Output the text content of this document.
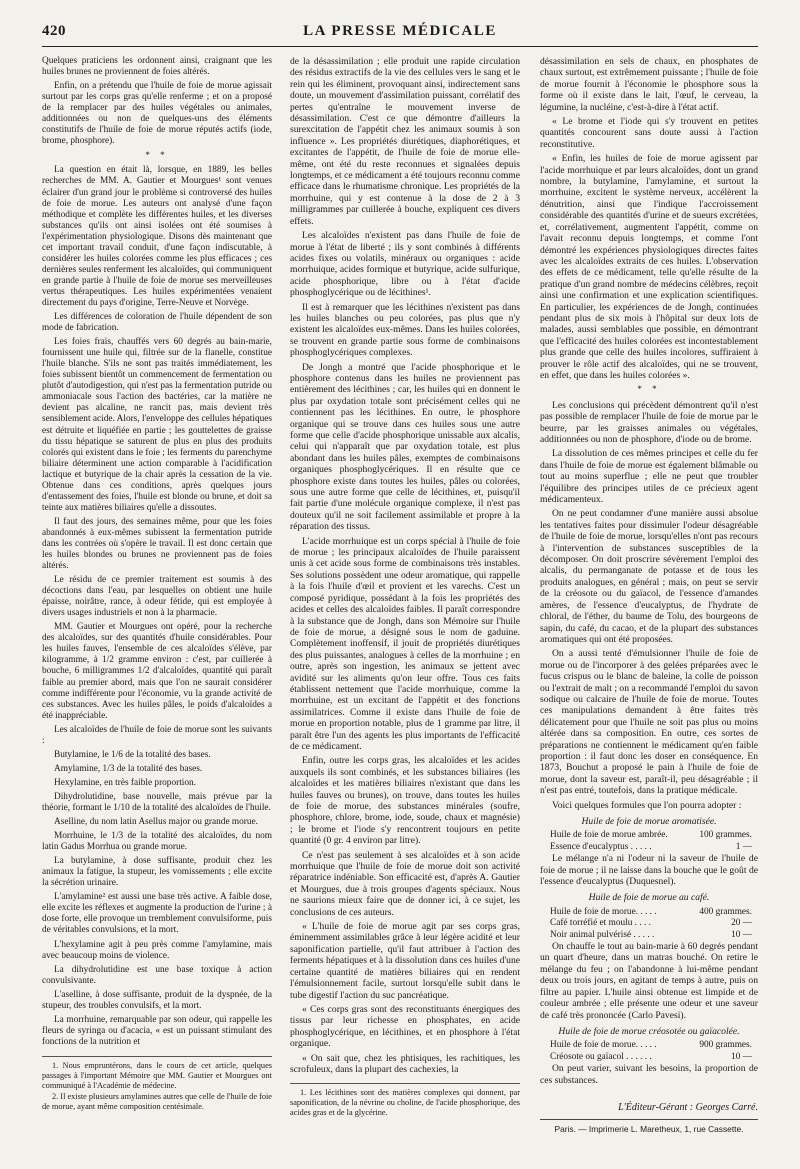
420	LA PRESSE MÉDICALE

Quelques praticiens les ordonnent ainsi, craignant que les huiles brunes ne proviennent de foies altérés.

Enfin, on a prétendu que l'huile de foie de morue agissait surtout par les corps gras qu'elle renferme ; et on a proposé de la remplacer par des huiles végétales ou animales, additionnées ou non de quelques-uns des éléments constitutifs de l'huile de foie de morue réputés actifs (iode, brome, phosphore).

* *

La question en était là, lorsque, en 1889, les belles recherches de MM. A. Gautier et Mourgues¹ sont venues éclairer d'un grand jour le problème si controversé des huiles de foie de morue. Les auteurs ont analysé d'une façon méthodique et complète les différentes huiles, et les diverses substances qu'ils ont ainsi isolées ont été soumises à l'expérimentation physiologique. Disons dès maintenant que cet important travail conduit, d'une façon indiscutable, à considérer les huiles colorées comme les plus efficaces ; ces dernières seules renferment les alcaloïdes, qui communiquent en grande partie à l'huile de foie de morue ses merveilleuses vertus thérapeutiques. Les huiles expérimentées venaient directement du pays d'origine, Terre-Neuve et Norvège.

Les différences de coloration de l'huile dépendent de son mode de fabrication.

Les foies frais, chauffés vers 60 degrés au bain-marie, fournissent une huile qui, filtrée sur de la flanelle, constitue l'huile blanche. S'ils ne sont pas traités immédiatement, les foies subissent bientôt un commencement de fermentation ou plutôt d'autodigestion, qui n'est pas la fermentation putride ou ammoniacale sous l'action des bactéries, car la matière ne devient pas alcaline, ne rancit pas, mais devient très sensiblement acide. Alors, l'enveloppe des cellules hépatiques est détruite et liquéfiée en partie ; les gouttelettes de graisse du tissu hépatique se saturent de plus en plus des produits colorés qui existent dans le foie ; les ferments du parenchyme biliaire déterminent une action comparable à l'acidification lactique et butyrique de la chair après la cessation de la vie. Obtenue dans ces conditions, après quelques jours d'entassement des foies, l'huile est blonde ou brune, et doit sa teinte aux matières biliaires qu'elle a dissoutes.

Il faut des jours, des semaines même, pour que les foies abandonnés à eux-mêmes subissent la fermentation putride dans les contrées où s'opère le travail. Il est donc certain que les huiles blondes ou brunes ne proviennent pas de foies altérés.

Le résidu de ce premier traitement est soumis à des décoctions dans l'eau, par lesquelles on obtient une huile épaisse, noirâtre, rance, à odeur fétide, qui est employée à divers usages industriels et non à la pharmacie.

MM. Gautier et Mourgues ont opéré, pour la recherche des alcaloïdes, sur des quantités d'huile considérables. Pour les huiles fauves, l'ensemble de ces alcaloïdes s'élève, par kilogramme, à 1/2 gramme environ : c'est, par cuillerée à bouche, 6 milligrammes 1/2 d'alcaloïdes, quantité qui paraît faible au premier abord, mais que l'on ne saurait considérer comme indifférente pour l'économie, vu la grande activité de ces substances. Avec les huiles pâles, le poids d'alcaloïdes a été inappréciable.

Les alcaloïdes de l'huile de foie de morue sont les suivants :

Butylamine, le 1/6 de la totalité des bases.

Amylamine, 1/3 de la totalité des bases.

Hexylamine, en très faible proportion.

Dihydrolutidine, base nouvelle, mais prévue par la théorie, formant le 1/10 de la totalité des alcaloïdes de l'huile.

Aselline, du nom latin Asellus major ou grande morue.

Morrhuine, le 1/3 de la totalité des alcaloïdes, du nom latin Gadus Morrhua ou grande morue.

La butylamine, à dose suffisante, produit chez les animaux la fatigue, la stupeur, les vomissements ; elle excite la sécrétion urinaire.

L'amylamine² est aussi une base très active. A faible dose, elle excite les réflexes et augmente la production de l'urine ; à dose forte, elle provoque un tremblement convulsiforme, puis de véritables convulsions, et la mort.

L'hexylamine agit à peu près comme l'amylamine, mais avec beaucoup moins de violence.

La dihydrolutidine est une base toxique à action convulsivante.

L'aselline, à dose suffisante, produit de la dyspnée, de la stupeur, des troubles convulsifs, et la mort.

La morrhuine, remarquable par son odeur, qui rappelle les fleurs de syringa ou d'acacia, « est un puissant stimulant des fonctions de la nutrition et

1. Nous empruntérons, dans le cours de cet article, quelques passages à l'important Mémoire que MM. Gautier et Mourgues ont communiqué à l'Académie de médecine.

2. Il existe plusieurs amylamines autres que celle de l'huile de foie de morue, ayant même composition centésimale.

de la désassimilation ; elle produit une rapide circulation des résidus extractifs de la vie des cellules vers le sang et le rein qui les éliminent, provoquant ainsi, indirectement sans doute, un mouvement d'assimilation puissant, corrélatif des pertes qu'entraîne le mouvement inverse de désassimilation. C'est ce que démontre d'ailleurs la surexcitation de l'appétit chez les animaux soumis à son influence ». Les propriétés diurétiques, diaphorétiques, et excitantes de l'appétit, de l'huile de foie de morue elle-même, ont été du reste reconnues et signalées depuis longtemps, et ce médicament a été toujours reconnu comme efficace dans le rhumatisme chronique. Les propriétés de la morrhuine, qui y est contenue à la dose de 2 à 3 milligrammes par cuillerée à bouche, expliquent ces divers effets.

Les alcaloïdes n'existent pas dans l'huile de foie de morue à l'état de liberté ; ils y sont combinés à différents acides fixes ou volatils, minéraux ou organiques : acide morrhuique, acides formique et butyrique, acide sulfurique, acide phosphorique, libre ou à l'état d'acide phosphoglycérique ou de lécithines¹.

Il est à remarquer que les lécithines n'existent pas dans les huiles blanches ou peu colorées, pas plus que n'y existent les alcaloïdes eux-mêmes. Dans les huiles colorées, se trouvent en grande partie sous forme de combinaisons phosphoglycériques complexes.

De Jongh a montré que l'acide phosphorique et le phosphore contenus dans les huiles ne proviennent pas entièrement des lécithines ; car, les huiles qui en donnent le plus par oxydation totale sont précisément celles qui ne contiennent pas les lécithines. En outre, le phosphore organique qui se trouve dans ces huiles sous une autre forme que celle d'acide phosphorique unissable aux alcalis, celui qui n'apparaît que par oxydation totale, est plus abondant dans les huiles pâles, exemptes de combinaisons organiques phosphoglycériques. Il en résulte que ce phosphore existe dans toutes les huiles, pâles ou colorées, sous une autre forme que celle de lécithines, et, puisqu'il fait partie d'une molécule organique complexe, il n'est pas douteux qu'il ne soit facilement assimilable et propre à la réparation des tissus.

L'acide morrhuique est un corps spécial à l'huile de foie de morue ; les principaux alcaloïdes de l'huile paraissent unis à cet acide sous forme de combinaisons très instables. Ses solutions possèdent une odeur aromatique, qui rappelle à la fois l'huile d'œil et provient et les varechs. C'est un composé pyridique, possédant à la fois les propriétés des acides et celles des alcaloïdes faibles. Il paraît correspondre à la substance que de Jongh, dans son Mémoire sur l'huile de foie de morue, a désigné sous le nom de gaduine. Complètement inoffensif, il jouit de propriétés diurétiques des plus puissantes, analogues à celles de la morrhuine ; en outre, après son ingestion, les animaux se jettent avec avidité sur les aliments qu'on leur offre. Tous ces faits établissent nettement que l'acide morrhuique, comme la morrhuine, est un excitant de l'appétit et des fonctions assimilatrices. Comme il existe dans l'huile de foie de morue en proportion notable, plus de 1 gramme par litre, il paraît être l'un des agents les plus importants de l'efficacité de ce médicament.

Enfin, outre les corps gras, les alcaloïdes et les acides auxquels ils sont combinés, et les substances biliaires (les alcaloïdes et les matières biliaires n'existant que dans les huiles fauves ou brunes), on trouve, dans toutes les huiles de foie de morue, des substances minérales (soufre, phosphore, chlore, brome, iode, soude, chaux et magnésie) ; le brome et l'iode s'y rencontrent toujours en petite quantité (0 gr. 4 environ par litre).

Ce n'est pas seulement à ses alcaloïdes et à son acide morrhuique que l'huile de foie de morue doit son activité réparatrice indéniable. Son efficacité est, d'après A. Gautier et Mourgues, due à trois groupes d'agents spéciaux. Nous ne saurions mieux faire que de donner ici, à ce sujet, les conclusions de ces auteurs.

« L'huile de foie de morue agit par ses corps gras, éminemment assimilables grâce à leur légère acidité et leur saponification partielle, qu'il faut attribuer à l'action des ferments hépatiques et à la dissolution dans ces huiles d'une certaine quantité de matières biliaires qui en rendent l'émulsionnement facile, surtout lorsqu'elle subit dans le tube digestif l'action du suc pancréatique.

« Ces corps gras sont des reconstituants énergiques des tissus par leur richesse en phosphates, en acide phosphoglycérique, en lécithines, et en phosphore à l'état organique.

« On sait que, chez les phtisiques, les rachitiques, les scrofuleux, dans la plupart des cachexies, la

1. Les lécithines sont des matières complexes qui donnent, par saponification, de la névrine ou choline, de l'acide phosphorique, des acides gras et de la glycérine.

désassimilation en sels de chaux, en phosphates de chaux surtout, est extrêmement puissante ; l'huile de foie de morue fournit à l'économie le phosphore sous la forme où il existe dans le lait, l'œuf, le cerveau, la légumine, la nucléine, c'est-à-dire à l'état actif.

« Le brome et l'iode qui s'y trouvent en petites quantités concourent sans doute aussi à l'action reconstitutive.

« Enfin, les huiles de foie de morue agissent par l'acide morrhuique et par leurs alcaloïdes, dont un grand nombre, la butylamine, l'amylamine, et surtout la morrhuine, excitent le système nerveux, accélèrent la dénutrition, ainsi que l'indique l'accroissement considérable des quantités d'urine et de sueurs excrétées, et, corrélativement, augmentent l'appétit, comme on l'avait reconnu depuis longtemps, et comme l'ont démontré les expériences physiologiques directes faites avec les alcaloïdes extraits de ces huiles. L'observation des effets de ce médicament, telle qu'elle résulte de la pratique d'un grand nombre de médecins célèbres, reçoit ainsi une confirmation et une explication scientifiques. En particulier, les expériences de de Jongh, continuées pendant plus de six mois à l'hôpital sur deux lots de malades, aussi semblables que possible, en démontrant que l'efficacité des huiles colorées est incontestablement plus grande que celle des huiles incolores, suffiraient à prouver le rôle actif des alcaloïdes, qui ne se trouvent, en effet, que dans les huiles colorées ».

* *

Les conclusions qui précèdent démontrent qu'il n'est pas possible de remplacer l'huile de foie de morue par le beurre, par les graisses animales ou végétales, additionnées ou non de phosphore, d'iode ou de brome.

La dissolution de ces mêmes principes et celle du fer dans l'huile de foie de morue est également blâmable ou tout au moins superflue ; elle ne peut que troubler l'équilibre des principes utiles de ce précieux agent médicamenteux.

On ne peut condamner d'une manière aussi absolue les tentatives faites pour dissimuler l'odeur désagréable de l'huile de foie de morue, lorsqu'elles n'ont pas recours à l'intervention de substances susceptibles de la décomposer. On doit proscrire sévèrement l'emploi des alcalis, du permanganate de potasse et de tous les produits analogues, en général ; mais, on peut se servir de la créosote ou du gaïacol, de l'essence d'amandes amères, de l'essence d'eucalyptus, de l'hydrate de chloral, de l'éther, du baume de Tolu, des bourgeons de sapin, du café, du cacao, et de la plupart des substances aromatiques qui ont été proposées.

On a aussi tenté d'émulsionner l'huile de foie de morue ou de l'incorporer à des gelées préparées avec le fucus crispus ou le blanc de baleine, la colle de poisson ou l'extrait de malt ; on a recommandé l'emploi du savon sodique ou calcaire de l'huile de foie de morue. Toutes ces manipulations demandent à être faites très délicatement pour que l'huile ne soit pas plus ou moins altérée dans sa composition. En outre, ces sortes de préparations ne contiennent le médicament qu'en faible proportion : il faut donc les doser en conséquence. En 1873, Bouchut a proposé le pain à l'huile de foie de morue, dont la saveur est, paraît-il, peu désagréable ; il n'est pas entré, toutefois, dans la pratique médicale.

Voici quelques formules que l'on pourra adopter :

Huile de foie de morue aromatisée.
Huile de foie de morue ambrée.	100 grammes.
Essence d'eucalyptus . . . . .	1 —

Le mélange n'a ni l'odeur ni la saveur de l'huile de foie de morue ; il ne laisse dans la bouche que le goût de l'essence d'eucalyptus (Duquesnel).

Huile de foie de morue au café.
Huile de foie de morue. . . . .	400 grammes.
Café torréfié et moulu . . . .	20 —
Noir animal pulvérisé . . . . .	10 —

On chauffe le tout au bain-marie à 60 degrés pendant un quart d'heure, dans un matras bouché. On retire le mélange du feu ; on l'abandonne à lui-même pendant deux ou trois jours, en agitant de temps à autre, puis on filtre au papier. L'huile ainsi obtenue est limpide et de couleur ambrée ; elle présente une odeur et une saveur de café très prononcée (Carlo Pavesi).

Huile de foie de morue créosotée ou gaïacolée.
Huile de foie de morue. . . . .	900 grammes.
Créosote ou gaïacol . . . . . .	10 —

On peut varier, suivant les besoins, la proportion de ces substances.

L'Éditeur-Gérant : Georges Carré.
Paris. — Imprimerie L. Maretheux, 1, rue Cassette.
